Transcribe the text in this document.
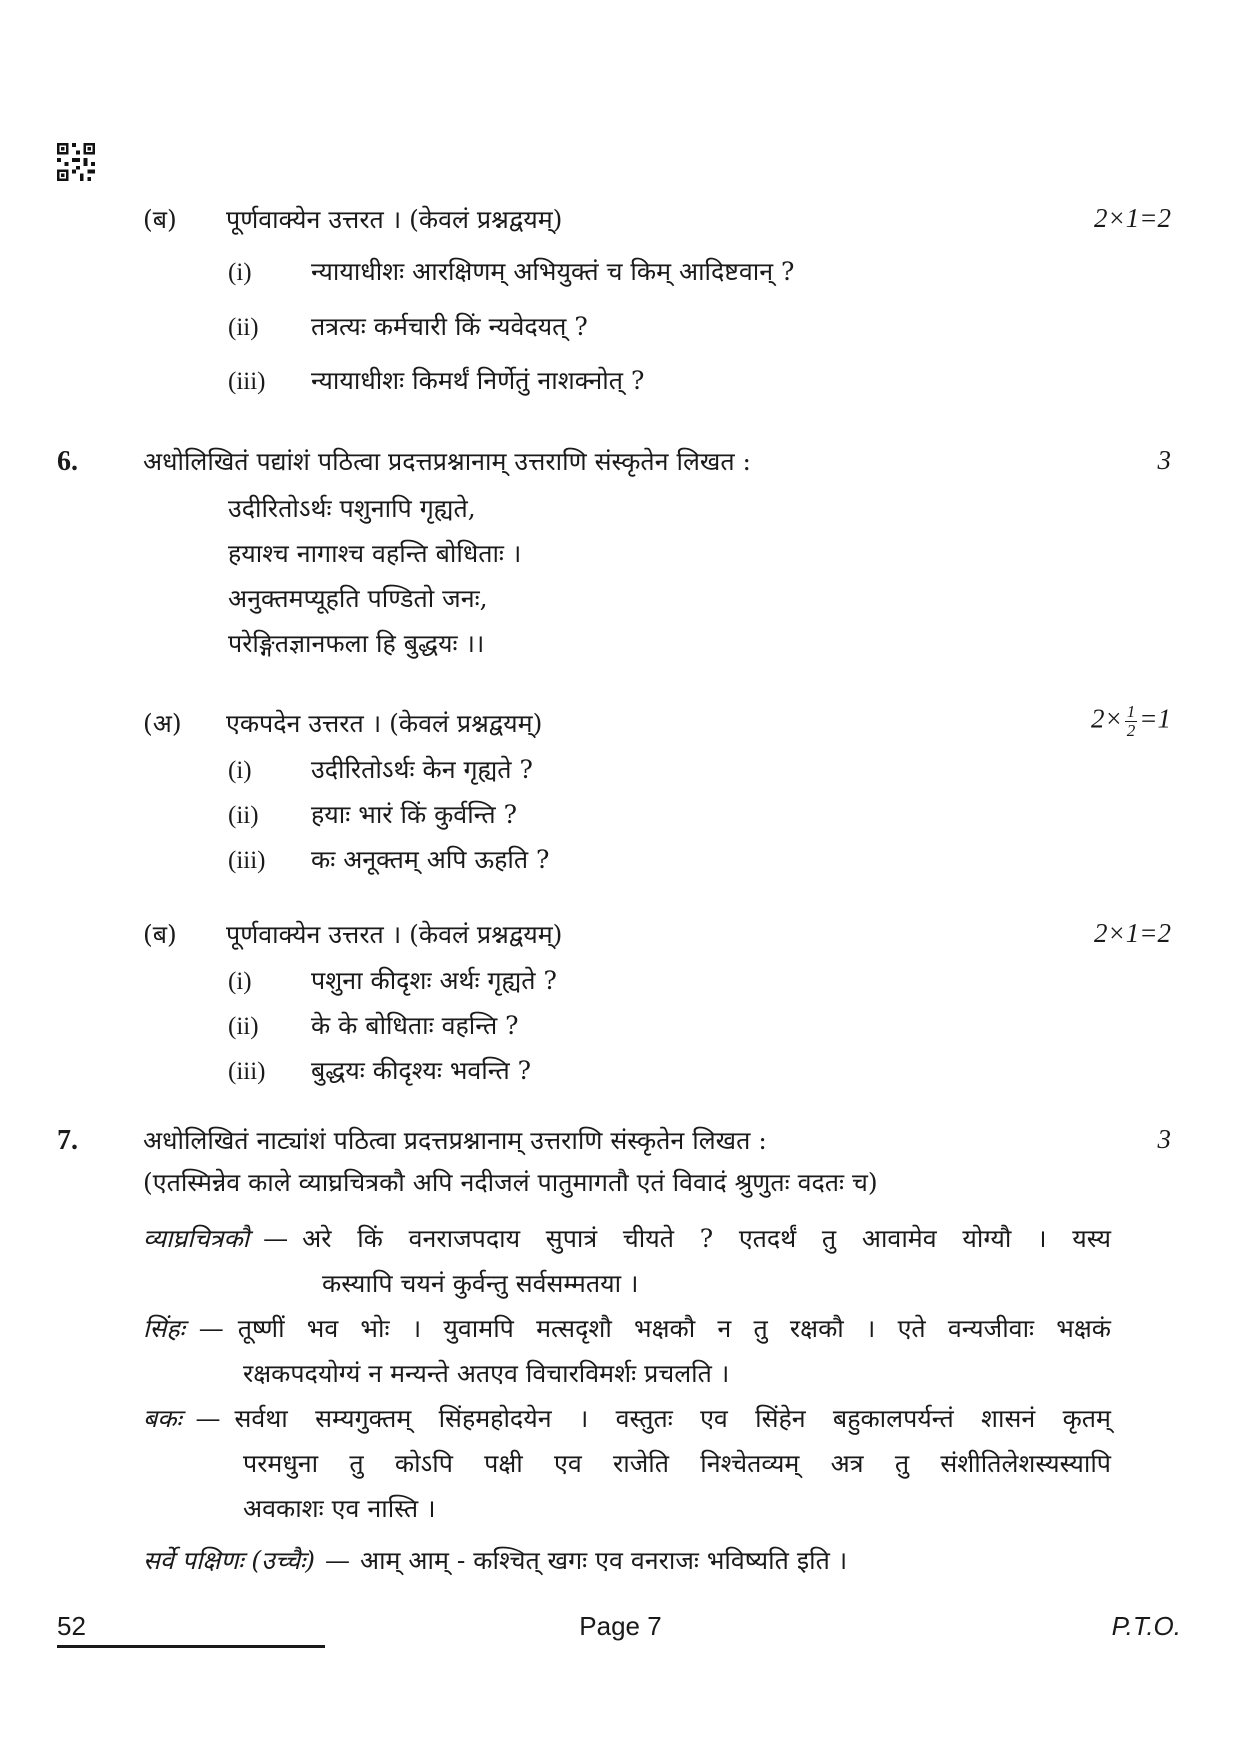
(ब) पूर्णवाक्येन उत्तरत । (केवलं प्रश्नद्वयम्)	2×1=2
(i) न्यायाधीशः आरक्षिणम् अभियुक्तं च किम् आदिष्टवान् ?
(ii) तत्रत्यः कर्मचारी किं न्यवेदयत् ?
(iii) न्यायाधीशः किमर्थं निर्णेतुं नाशक्नोत् ?
6.	अधोलिखितं पद्यांशं पठित्वा प्रदत्तप्रश्नानाम् उत्तराणि संस्कृतेन लिखत :	3
उदीरितोऽर्थः पशुनापि गृह्यते,
हयाश्च नागाश्च वहन्ति बोधिताः ।
अनुक्तमप्यूहति पण्डितो जनः,
परेङ्गितज्ञानफला हि बुद्धयः ।।
(अ) एकपदेन उत्तरत । (केवलं प्रश्नद्वयम्)	$2\times \frac{1}{2} =1$
(i) उदीरितोऽर्थः केन गृह्यते ?
(ii) हयाः भारं किं कुर्वन्ति ?
(iii) कः अनूक्तम् अपि ऊहति ?
(ब) पूर्णवाक्येन उत्तरत । (केवलं प्रश्नद्वयम्)	2×1=2
(i) पशुना कीदृशः अर्थः गृह्यते ?
(ii) के के बोधिताः वहन्ति ?
(iii) बुद्धयः कीदृश्यः भवन्ति ?
7.	अधोलिखितं नाट्यांशं पठित्वा प्रदत्तप्रश्नानाम् उत्तराणि संस्कृतेन लिखत :	3
(एतस्मिन्नेव काले व्याघ्रचित्रकौ अपि नदीजलं पातुमागतौ एतं विवादं श्रुणुतः वदतः च)
व्याघ्रचित्रकौ — अरे किं वनराजपदाय सुपात्रं चीयते ? एतदर्थं तु आवामेव योग्यौ । यस्य
कस्यापि चयनं कुर्वन्तु सर्वसम्मतया ।
सिंहः — तूष्णीं भव भोः । युवामपि मत्सदृशौ भक्षकौ न तु रक्षकौ । एते वन्यजीवाः भक्षकं
रक्षकपदयोग्यं न मन्यन्ते अतएव विचारविमर्शः प्रचलति ।
बकः — सर्वथा सम्यगुक्तम् सिंहमहोदयेन । वस्तुतः एव सिंहेन बहुकालपर्यन्तं शासनं कृतम्
परमधुना तु कोऽपि पक्षी एव राजेति निश्चेतव्यम् अत्र तु संशीतिलेशस्यस्यापि
अवकाशः एव नास्ति ।
सर्वे पक्षिणः (उच्चैः) — आम् आम् - कश्चित् खगः एव वनराजः भविष्यति इति ।
52	Page 7	P.T.O.
